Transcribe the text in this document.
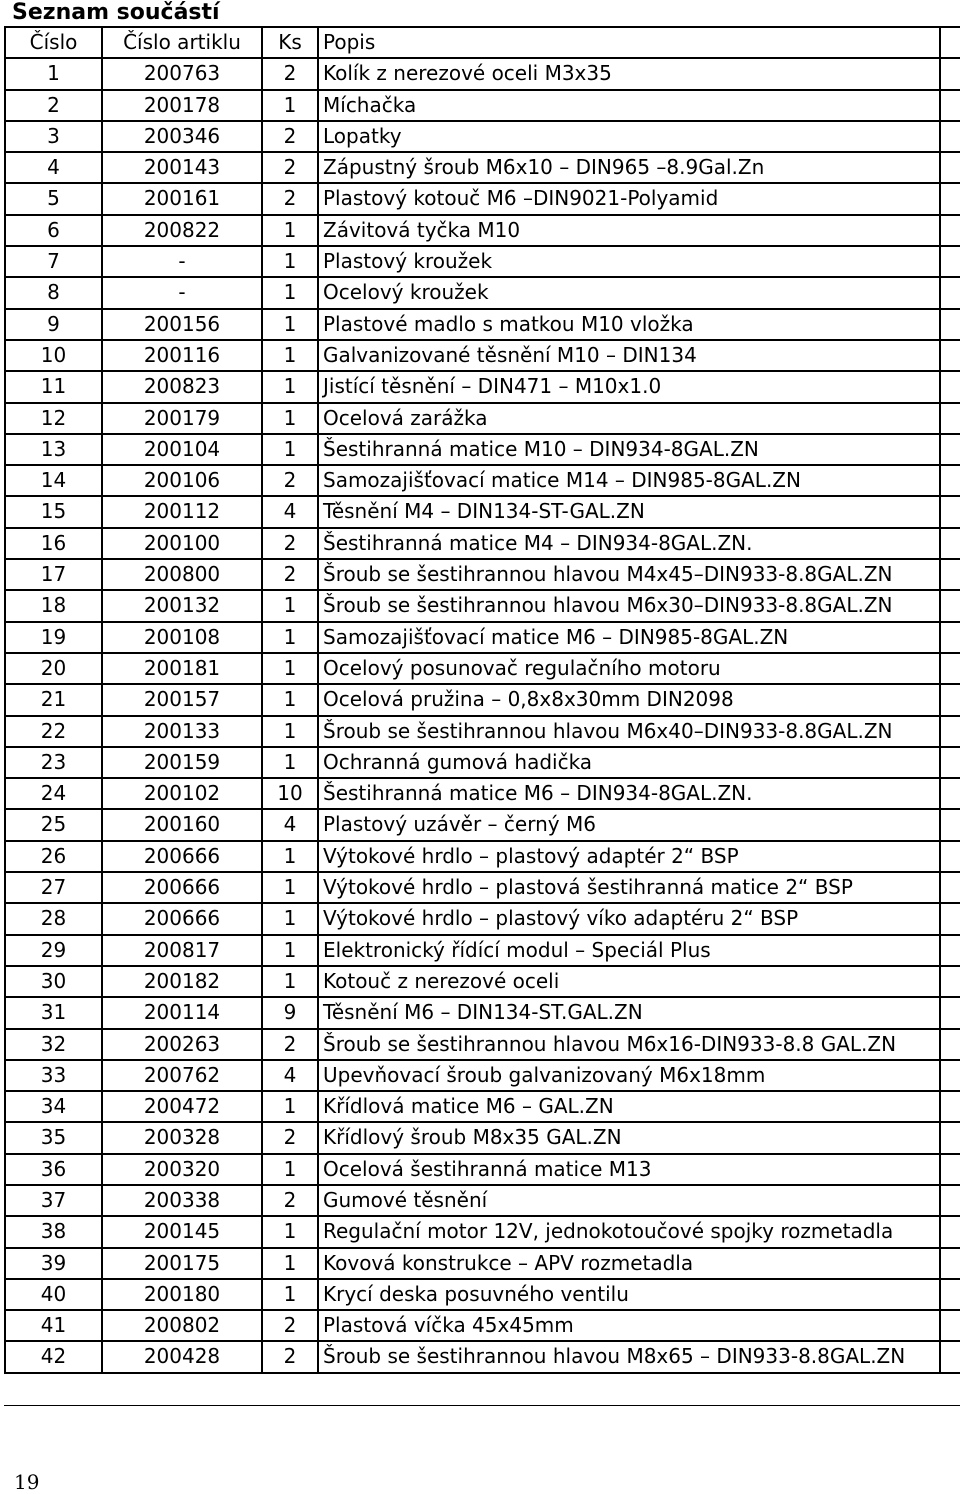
Seznam součástí
Číslo	Číslo artiklu	Ks	Popis	
1	200763	2	Kolík z nerezové oceli M3x35	
2	200178	1	Míchačka	
3	200346	2	Lopatky	
4	200143	2	Zápustný šroub M6x10 – DIN965 –8.9Gal.Zn	
5	200161	2	Plastový kotouč M6 –DIN9021-Polyamid	
6	200822	1	Závitová tyčka M10	
7	-	1	Plastový kroužek	
8	-	1	Ocelový kroužek	
9	200156	1	Plastové madlo s matkou M10 vložka	
10	200116	1	Galvanizované těsnění M10 – DIN134	
11	200823	1	Jistící těsnění – DIN471 – M10x1.0	
12	200179	1	Ocelová zarážka	
13	200104	1	Šestihranná matice M10 – DIN934-8GAL.ZN	
14	200106	2	Samozajišťovací matice M14 – DIN985-8GAL.ZN	
15	200112	4	Těsnění M4 – DIN134-ST-GAL.ZN	
16	200100	2	Šestihranná matice M4 – DIN934-8GAL.ZN.	
17	200800	2	Šroub se šestihrannou hlavou M4x45–DIN933-8.8GAL.ZN	
18	200132	1	Šroub se šestihrannou hlavou M6x30–DIN933-8.8GAL.ZN	
19	200108	1	Samozajišťovací matice M6 – DIN985-8GAL.ZN	
20	200181	1	Ocelový posunovač regulačního motoru	
21	200157	1	Ocelová pružina – 0,8x8x30mm DIN2098	
22	200133	1	Šroub se šestihrannou hlavou M6x40–DIN933-8.8GAL.ZN	
23	200159	1	Ochranná gumová hadička	
24	200102	10	Šestihranná matice M6 – DIN934-8GAL.ZN.	
25	200160	4	Plastový uzávěr – černý M6	
26	200666	1	Výtokové hrdlo – plastový adaptér 2“ BSP	
27	200666	1	Výtokové hrdlo – plastová šestihranná matice 2“ BSP	
28	200666	1	Výtokové hrdlo – plastový víko adaptéru 2“ BSP	
29	200817	1	Elektronický řídící modul – Speciál Plus	
30	200182	1	Kotouč z nerezové oceli	
31	200114	9	Těsnění M6 – DIN134-ST.GAL.ZN	
32	200263	2	Šroub se šestihrannou hlavou M6x16-DIN933-8.8 GAL.ZN	
33	200762	4	Upevňovací šroub galvanizovaný M6x18mm	
34	200472	1	Křídlová matice M6 – GAL.ZN	
35	200328	2	Křídlový šroub M8x35 GAL.ZN	
36	200320	1	Ocelová šestihranná matice M13	
37	200338	2	Gumové těsnění	
38	200145	1	Regulační motor 12V, jednokotoučové spojky rozmetadla	
39	200175	1	Kovová konstrukce – APV rozmetadla	
40	200180	1	Krycí deska posuvného ventilu	
41	200802	2	Plastová víčka 45x45mm	
42	200428	2	Šroub se šestihrannou hlavou M8x65 – DIN933-8.8GAL.ZN	
19
